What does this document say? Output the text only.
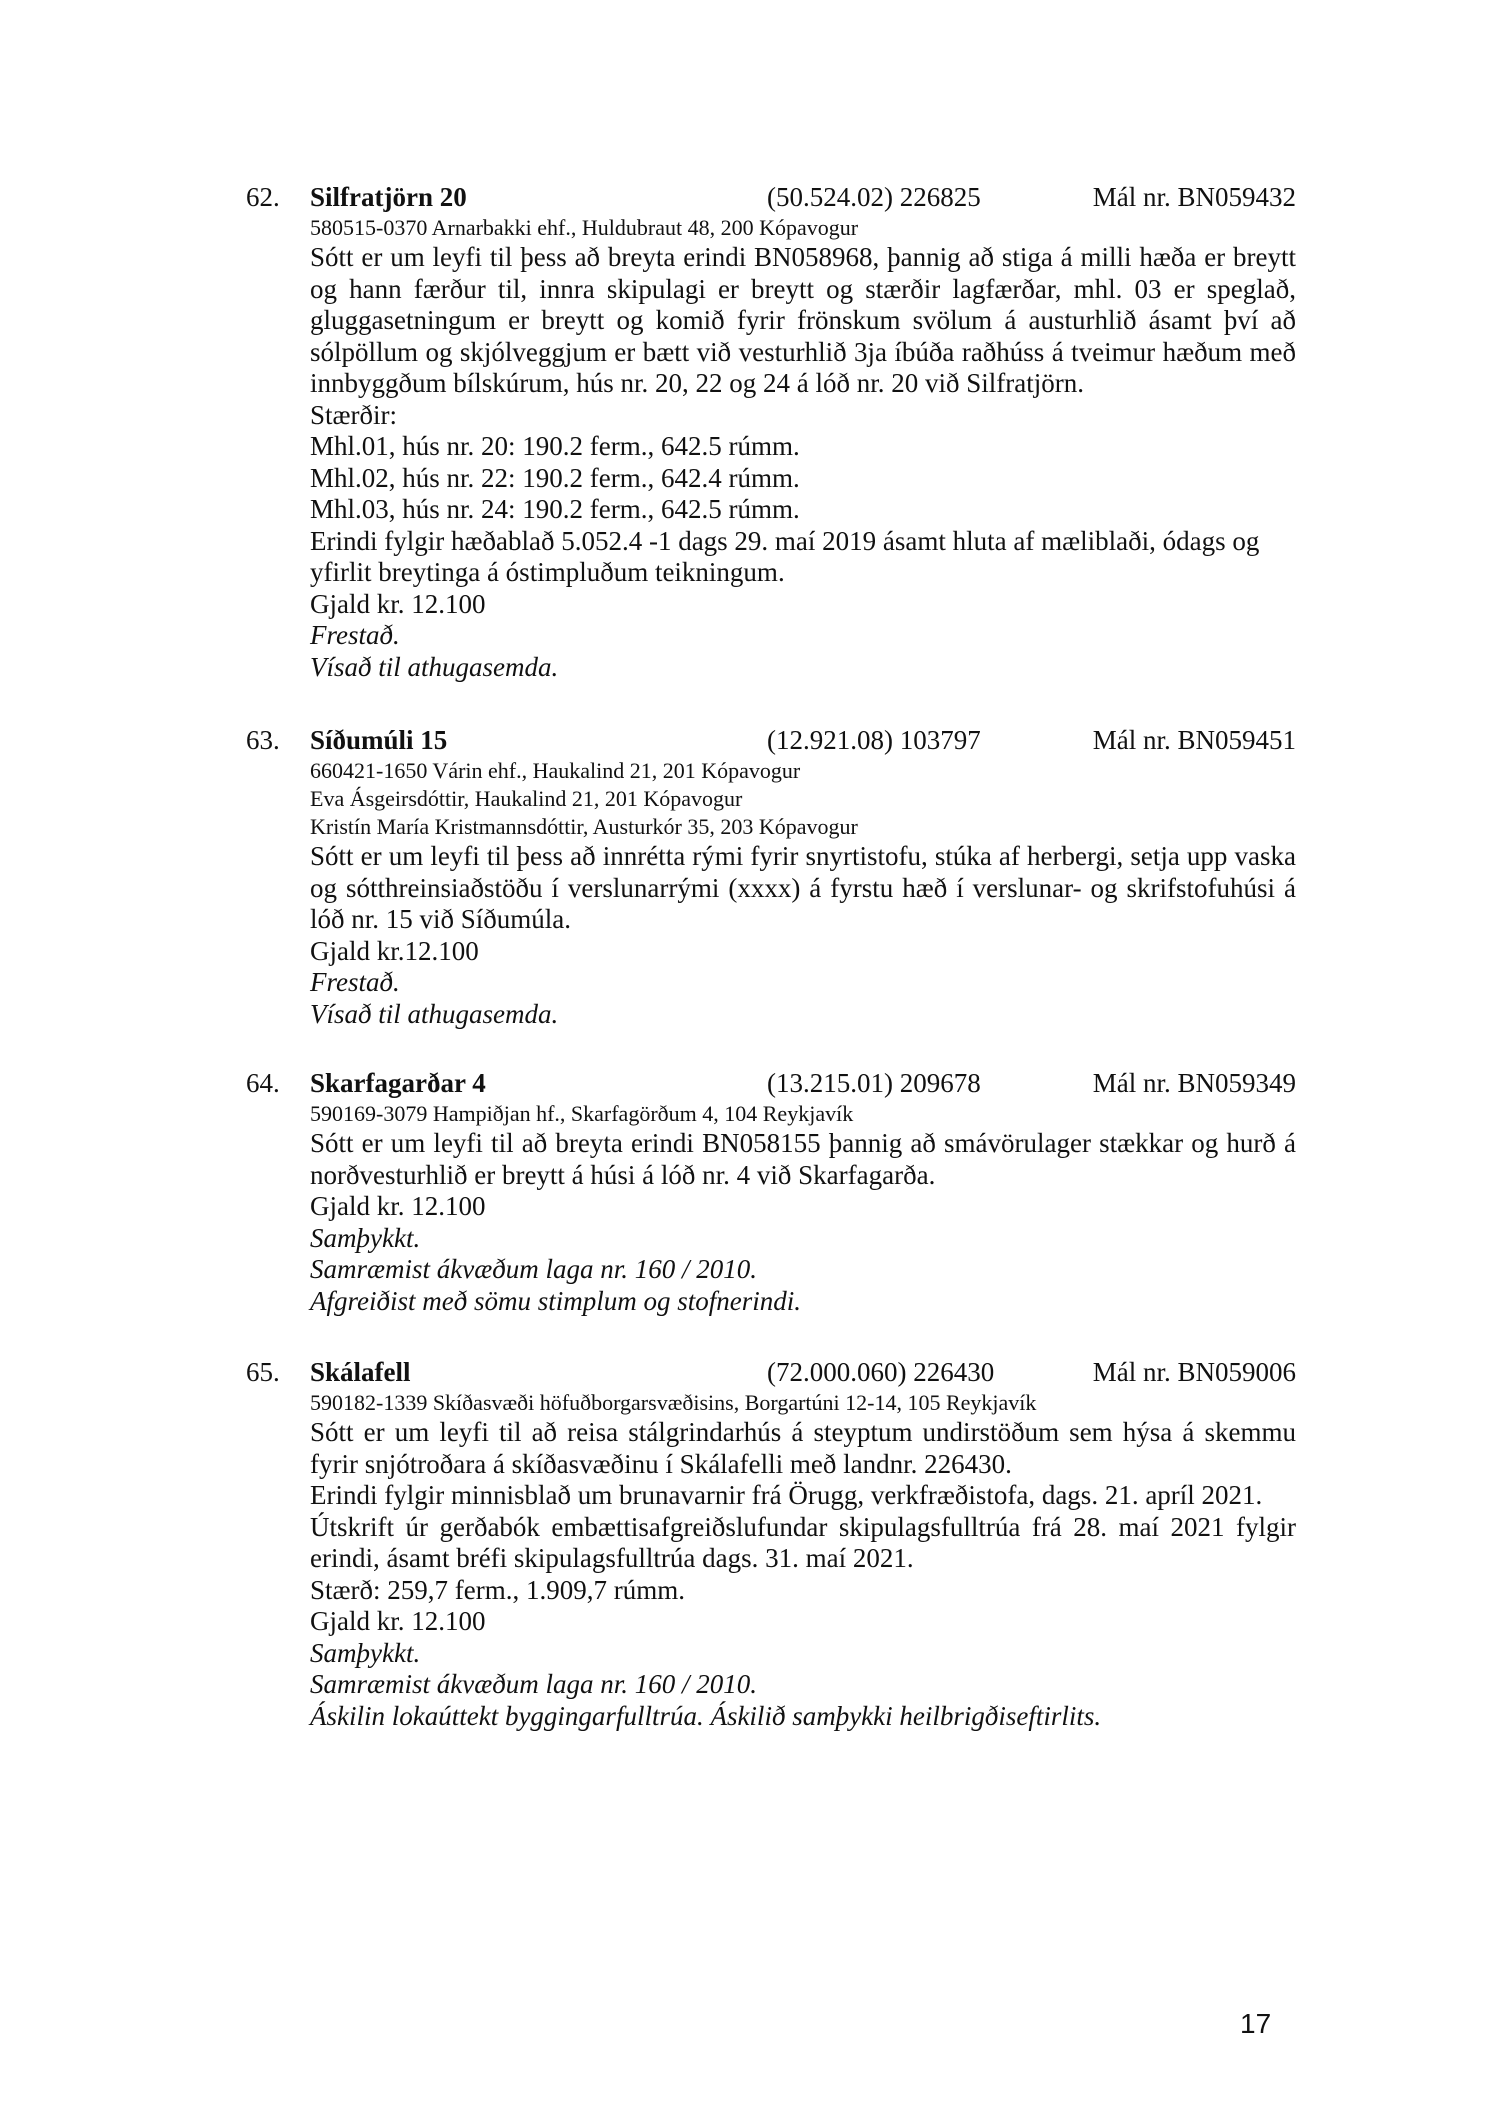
62. Silfratjörn 20	(50.524.02) 226825	Mál nr. BN059432
580515-0370 Arnarbakki ehf., Huldubraut 48, 200 Kópavogur
Sótt er um leyfi til þess að breyta erindi BN058968, þannig að stiga á milli hæða er breytt og hann færður til, innra skipulagi er breytt og stærðir lagfærðar, mhl. 03 er speglað, gluggasetningum er breytt og komið fyrir frönskum svölum á austurhlið ásamt því að sólpöllum og skjólveggjum er bætt við vesturhlið 3ja íbúða raðhúss á tveimur hæðum með innbyggðum bílskúrum, hús nr. 20, 22 og 24 á lóð nr. 20 við Silfratjörn.
Stærðir:
Mhl.01, hús nr. 20: 190.2 ferm., 642.5 rúmm.
Mhl.02, hús nr. 22: 190.2 ferm., 642.4 rúmm.
Mhl.03, hús nr. 24: 190.2 ferm., 642.5 rúmm.
Erindi fylgir hæðablað 5.052.4 -1 dags 29. maí 2019 ásamt hluta af mæliblaði, ódags og yfirlit breytinga á óstimpluðum teikningum.
Gjald kr. 12.100
Frestað.
Vísað til athugasemda.
63. Síðumúli 15	(12.921.08) 103797	Mál nr. BN059451
660421-1650 Várin ehf., Haukalind 21, 201 Kópavogur
Eva Ásgeirsdóttir, Haukalind 21, 201 Kópavogur
Kristín María Kristmannsdóttir, Austurkór 35, 203 Kópavogur
Sótt er um leyfi til þess að innrétta rými fyrir snyrtistofu, stúka af herbergi, setja upp vaska og sótthreinsiaðstöðu í verslunarrými (xxxx) á fyrstu hæð í verslunar- og skrifstofuhúsi á lóð nr. 15 við Síðumúla.
Gjald kr.12.100
Frestað.
Vísað til athugasemda.
64. Skarfagarðar 4	(13.215.01) 209678	Mál nr. BN059349
590169-3079 Hampiðjan hf., Skarfagörðum 4, 104 Reykjavík
Sótt er um leyfi til að breyta erindi BN058155 þannig að smávörulager stækkar og hurð á norðvesturhlið er breytt á húsi á lóð nr. 4 við Skarfagarða.
Gjald kr. 12.100
Samþykkt.
Samræmist ákvæðum laga nr. 160 / 2010.
Afgreiðist með sömu stimplum og stofnerindi.
65. Skálafell	(72.000.060) 226430	Mál nr. BN059006
590182-1339 Skíðasvæði höfuðborgarsvæðisins, Borgartúni 12-14, 105 Reykjavík
Sótt er um leyfi til að reisa stálgrindarhús á steyptum undirstöðum sem hýsa á skemmu fyrir snjótroðara á skíðasvæðinu í Skálafelli með landnr. 226430.
Erindi fylgir minnisblað um brunavarnir frá Örugg, verkfræðistofa, dags. 21. apríl 2021.
Útskrift úr gerðabók embættisafgreiðslufundar skipulagsfulltrúa frá 28. maí 2021 fylgir erindi, ásamt bréfi skipulagsfulltrúa dags. 31. maí 2021.
Stærð: 259,7 ferm., 1.909,7 rúmm.
Gjald kr. 12.100
Samþykkt.
Samræmist ákvæðum laga nr. 160 / 2010.
Áskilin lokaúttekt byggingarfulltrúa. Áskilið samþykki heilbrigðiseftirlits.
17
